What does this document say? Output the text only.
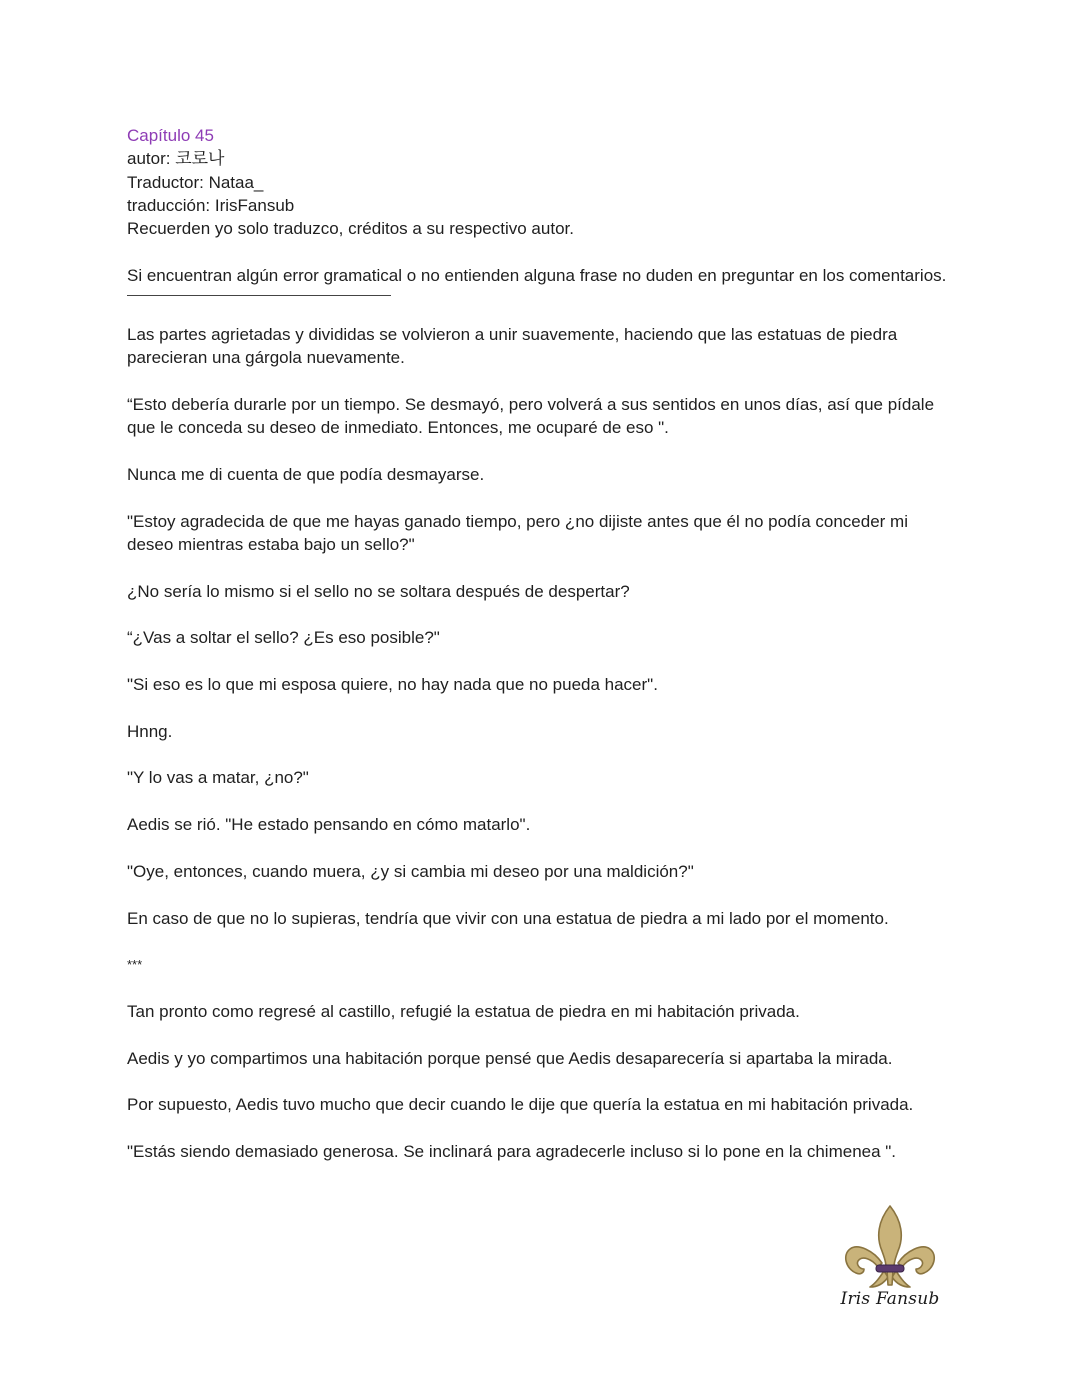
Capítulo 45

autor: 코로나

Traductor: Nataa_

traducción: IrisFansub

Recuerden yo solo traduzco, créditos a su respectivo autor.

Si encuentran algún error gramatical o no entienden alguna frase no duden en preguntar en los comentarios.

Las partes agrietadas y divididas se volvieron a unir suavemente, haciendo que las estatuas de piedra parecieran una gárgola nuevamente.

“Esto debería durarle por un tiempo. Se desmayó, pero volverá a sus sentidos en unos días, así que pídale que le conceda su deseo de inmediato. Entonces, me ocuparé de eso ".

Nunca me di cuenta de que podía desmayarse.

"Estoy agradecida de que me hayas ganado tiempo, pero ¿no dijiste antes que él no podía conceder mi deseo mientras estaba bajo un sello?"

¿No sería lo mismo si el sello no se soltara después de despertar?

“¿Vas a soltar el sello? ¿Es eso posible?"

"Si eso es lo que mi esposa quiere, no hay nada que no pueda hacer".

Hnng.

"Y lo vas a matar, ¿no?"

Aedis se rió. "He estado pensando en cómo matarlo".

"Oye, entonces, cuando muera, ¿y si cambia mi deseo por una maldición?"

En caso de que no lo supieras, tendría que vivir con una estatua de piedra a mi lado por el momento.

***

Tan pronto como regresé al castillo, refugié la estatua de piedra en mi habitación privada.

Aedis y yo compartimos una habitación porque pensé que Aedis desaparecería si apartaba la mirada.

Por supuesto, Aedis tuvo mucho que decir cuando le dije que quería la estatua en mi habitación privada.

"Estás siendo demasiado generosa. Se inclinará para agradecerle incluso si lo pone en la chimenea ".

Iris Fansub
